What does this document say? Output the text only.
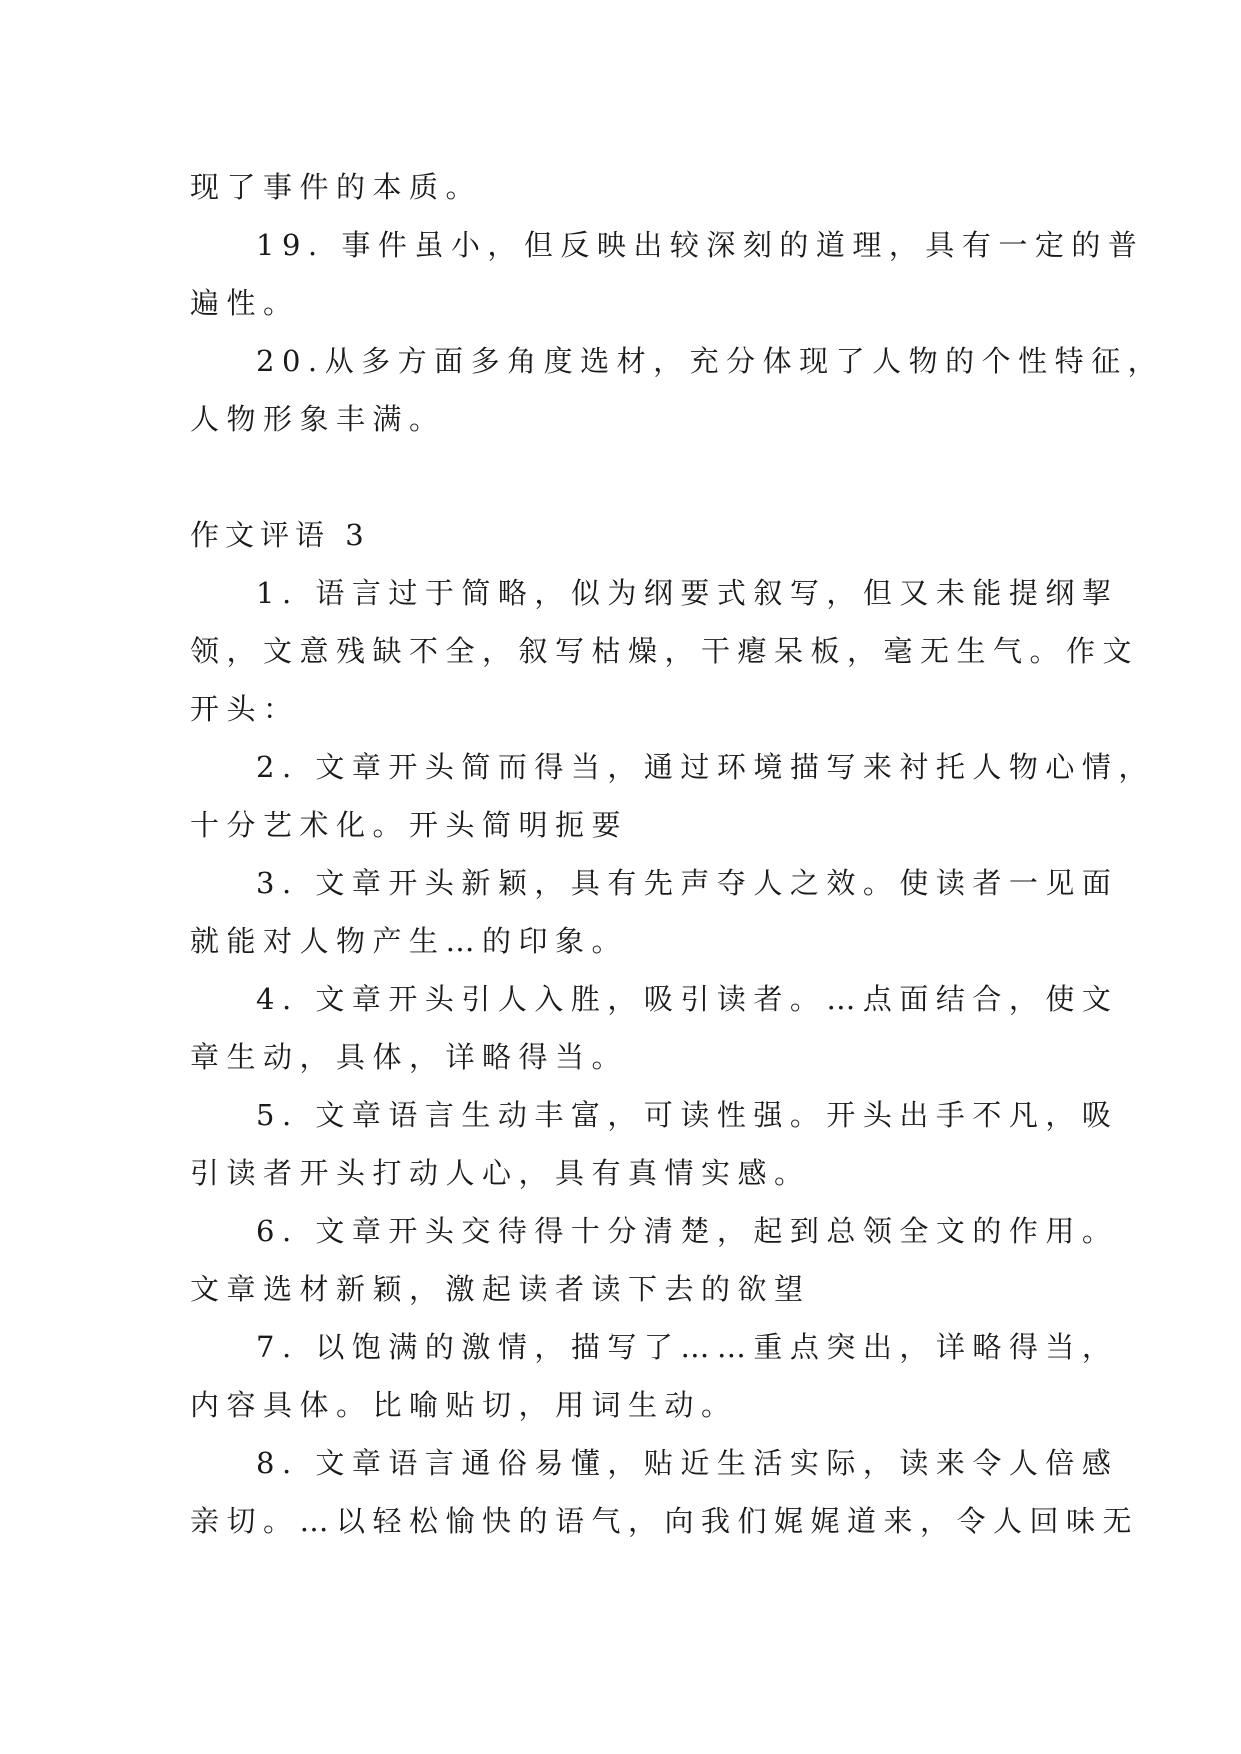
现了事件的本质。
19. 事件虽小，但反映出较深刻的道理，具有一定的普
遍性。
20.从多方面多角度选材，充分体现了人物的个性特征，
人物形象丰满。
作文评语 3
1. 语言过于简略，似为纲要式叙写，但又未能提纲挈
领，文意残缺不全，叙写枯燥，干瘪呆板，毫无生气。作文
开头：
2. 文章开头简而得当，通过环境描写来衬托人物心情，
十分艺术化。开头简明扼要
3. 文章开头新颖，具有先声夺人之效。使读者一见面
就能对人物产生…的印象。
4. 文章开头引人入胜，吸引读者。…点面结合，使文
章生动，具体，详略得当。
5. 文章语言生动丰富，可读性强。开头出手不凡，吸
引读者开头打动人心，具有真情实感。
6. 文章开头交待得十分清楚，起到总领全文的作用。
文章选材新颖，激起读者读下去的欲望
7. 以饱满的激情，描写了……重点突出，详略得当，
内容具体。比喻贴切，用词生动。
8. 文章语言通俗易懂，贴近生活实际，读来令人倍感
亲切。…以轻松愉快的语气，向我们娓娓道来，令人回味无
